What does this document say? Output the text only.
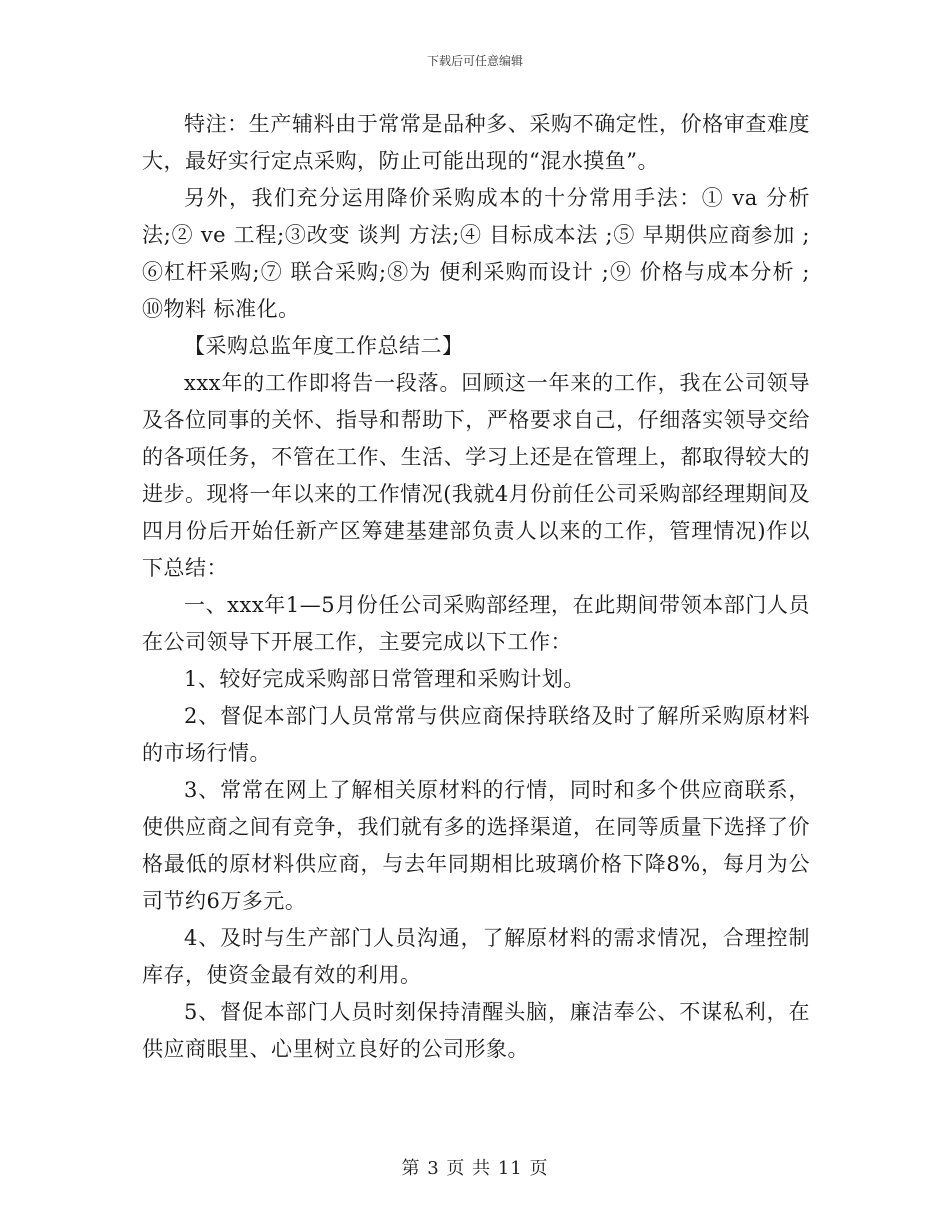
下载后可任意编辑

特注：生产辅料由于常常是品种多、采购不确定性，价格审查难度大，最好实行定点采购，防止可能出现的“混水摸鱼”。

另外，我们充分运用降价采购成本的十分常用手法：① va 分析法;② ve 工程;③改变 谈判 方法;④ 目标成本法 ;⑤ 早期供应商参加 ;⑥杠杆采购;⑦ 联合采购;⑧为 便利采购而设计 ;⑨ 价格与成本分析 ;⑩物料 标准化。

【采购总监年度工作总结二】

xxx年的工作即将告一段落。回顾这一年来的工作，我在公司领导及各位同事的关怀、指导和帮助下，严格要求自己，仔细落实领导交给的各项任务，不管在工作、生活、学习上还是在管理上，都取得较大的进步。现将一年以来的工作情况(我就4月份前任公司采购部经理期间及四月份后开始任新产区筹建基建部负责人以来的工作，管理情况)作以下总结：

一、xxx年1—5月份任公司采购部经理，在此期间带领本部门人员在公司领导下开展工作，主要完成以下工作：

1、较好完成采购部日常管理和采购计划。

2、督促本部门人员常常与供应商保持联络及时了解所采购原材料的市场行情。

3、常常在网上了解相关原材料的行情，同时和多个供应商联系，使供应商之间有竞争，我们就有多的选择渠道，在同等质量下选择了价格最低的原材料供应商，与去年同期相比玻璃价格下降8%，每月为公司节约6万多元。

4、及时与生产部门人员沟通，了解原材料的需求情况，合理控制库存，使资金最有效的利用。

5、督促本部门人员时刻保持清醒头脑，廉洁奉公、不谋私利，在供应商眼里、心里树立良好的公司形象。

第 3 页 共 11 页
